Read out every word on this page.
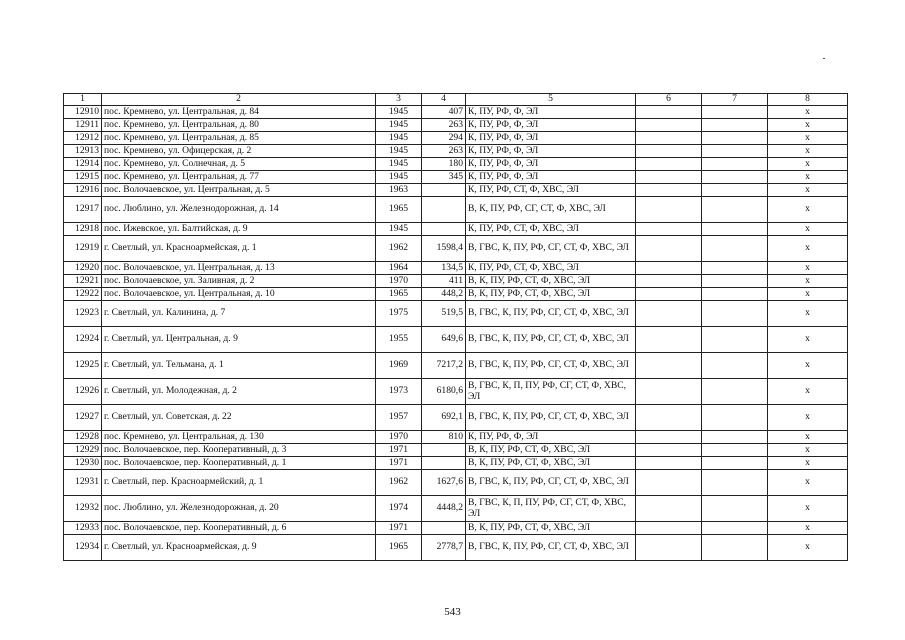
1	2	3	4	5	6	7	8
12910	пос. Кремнево, ул. Центральная, д. 84	1945	407	К, ПУ, РФ, Ф, ЭЛ			х
12911	пос. Кремнево, ул. Центральная, д. 80	1945	263	К, ПУ, РФ, Ф, ЭЛ			х
12912	пос. Кремнево, ул. Центральная, д. 85	1945	294	К, ПУ, РФ, Ф, ЭЛ			х
12913	пос. Кремнево, ул. Офицерская, д. 2	1945	263	К, ПУ, РФ, Ф, ЭЛ			х
12914	пос. Кремнево, ул. Солнечная, д. 5	1945	180	К, ПУ, РФ, Ф, ЭЛ			х
12915	пос. Кремнево, ул. Центральная, д. 77	1945	345	К, ПУ, РФ, Ф, ЭЛ			х
12916	пос. Волочаевское, ул. Центральная, д. 5	1963		К, ПУ, РФ, СТ, Ф, ХВС, ЭЛ			х
12917	пос. Люблино, ул. Железнодорожная, д. 14	1965		В, К, ПУ, РФ, СГ, СТ, Ф, ХВС, ЭЛ			х
12918	пос. Ижевское, ул. Балтийская, д. 9	1945		К, ПУ, РФ, СТ, Ф, ХВС, ЭЛ			х
12919	г. Светлый, ул. Красноармейская, д. 1	1962	1598,4	В, ГВС, К, ПУ, РФ, СГ, СТ, Ф, ХВС, ЭЛ			х
12920	пос. Волочаевское, ул. Центральная, д. 13	1964	134,5	К, ПУ, РФ, СТ, Ф, ХВС, ЭЛ			х
12921	пос. Волочаевское, ул. Заливная, д. 2	1970	411	В, К, ПУ, РФ, СТ, Ф, ХВС, ЭЛ			х
12922	пос. Волочаевское, ул. Центральная, д. 10	1965	448,2	В, К, ПУ, РФ, СТ, Ф, ХВС, ЭЛ			х
12923	г. Светлый, ул. Калинина, д. 7	1975	519,5	В, ГВС, К, ПУ, РФ, СГ, СТ, Ф, ХВС, ЭЛ			х
12924	г. Светлый, ул. Центральная, д. 9	1955	649,6	В, ГВС, К, ПУ, РФ, СГ, СТ, Ф, ХВС, ЭЛ			х
12925	г. Светлый, ул. Тельмана, д. 1	1969	7217,2	В, ГВС, К, ПУ, РФ, СГ, СТ, Ф, ХВС, ЭЛ			х
12926	г. Светлый, ул. Молодежная, д. 2	1973	6180,6	В, ГВС, К, П, ПУ, РФ, СГ, СТ, Ф, ХВС, ЭЛ			х
12927	г. Светлый, ул. Советская, д. 22	1957	692,1	В, ГВС, К, ПУ, РФ, СГ, СТ, Ф, ХВС, ЭЛ			х
12928	пос. Кремнево, ул. Центральная, д. 130	1970	810	К, ПУ, РФ, Ф, ЭЛ			х
12929	пос. Волочаевское, пер. Кооперативный, д. 3	1971		В, К, ПУ, РФ, СТ, Ф, ХВС, ЭЛ			х
12930	пос. Волочаевское, пер. Кооперативный, д. 1	1971		В, К, ПУ, РФ, СТ, Ф, ХВС, ЭЛ			х
12931	г. Светлый, пер. Красноармейский, д. 1	1962	1627,6	В, ГВС, К, ПУ, РФ, СГ, СТ, Ф, ХВС, ЭЛ			х
12932	пос. Люблино, ул. Железнодорожная, д. 20	1974	4448,2	В, ГВС, К, П, ПУ, РФ, СГ, СТ, Ф, ХВС, ЭЛ			х
12933	пос. Волочаевское, пер. Кооперативный, д. 6	1971		В, К, ПУ, РФ, СТ, Ф, ХВС, ЭЛ			х
12934	г. Светлый, ул. Красноармейская, д. 9	1965	2778,7	В, ГВС, К, ПУ, РФ, СГ, СТ, Ф, ХВС, ЭЛ			х
543
